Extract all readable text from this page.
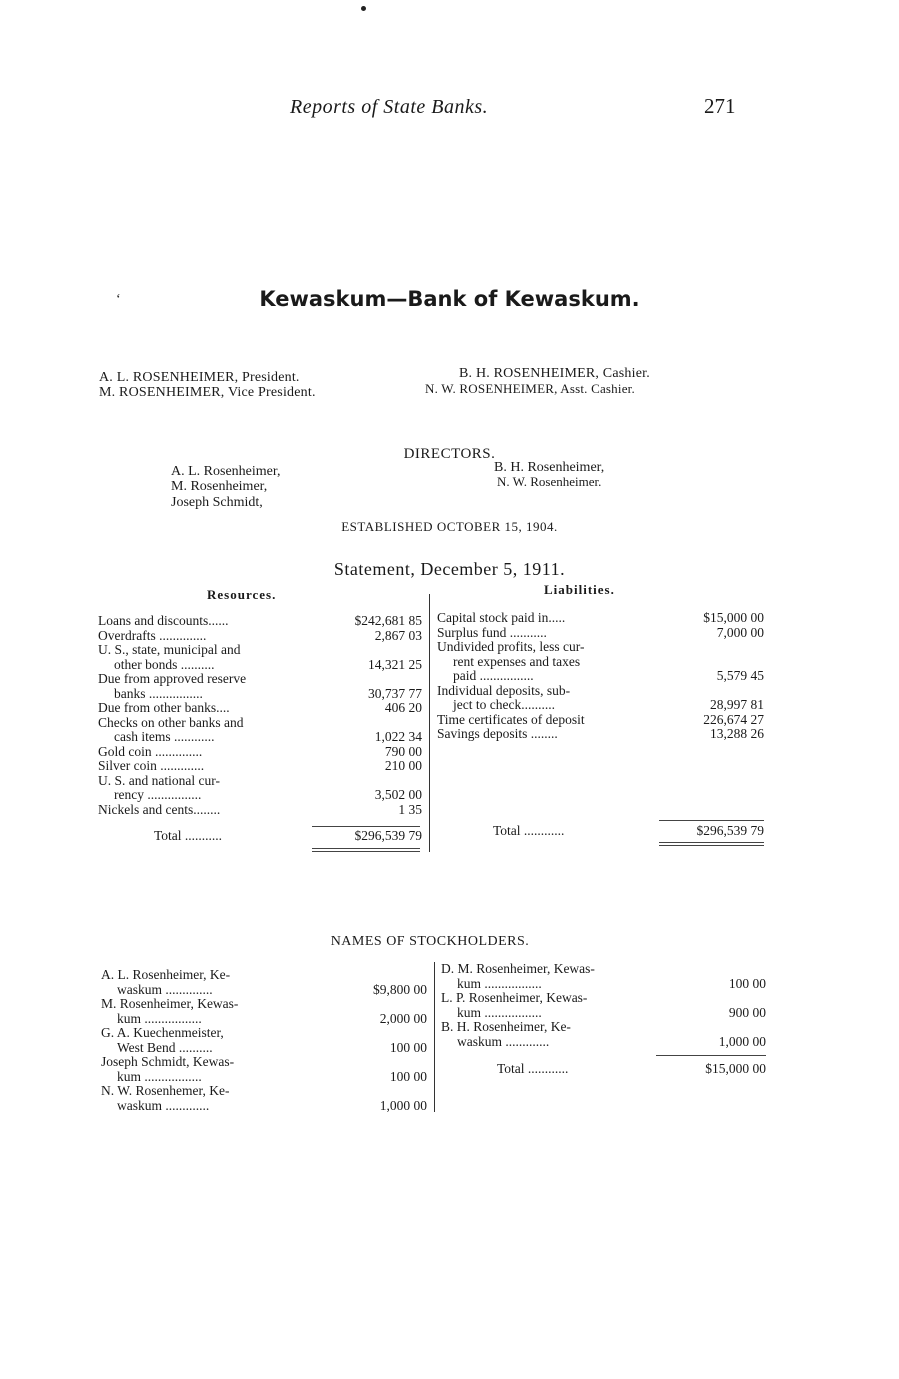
Reports of State Banks.	271
‘	Kewaskum—Bank of Kewaskum.
A. L. ROSENHEIMER, President.
M. ROSENHEIMER, Vice President.
B. H. ROSENHEIMER, Cashier.
N. W. ROSENHEIMER, Asst. Cashier.
DIRECTORS.
A. L. Rosenheimer,
M. Rosenheimer,
Joseph Schmidt,
B. H. Rosenheimer,
N. W. Rosenheimer.
ESTABLISHED OCTOBER 15, 1904.
Statement, December 5, 1911.
Resources.	Liabilities.
Loans and discounts......	$242,681 85
Overdrafts ..............	2,867 03
U. S., state, municipal and
other bonds ..........	14,321 25
Due from approved reserve
banks ................	30,737 77
Due from other banks....	406 20
Checks on other banks and
cash items ............	1,022 34
Gold coin ..............	790 00
Silver coin .............	210 00
U. S. and national cur-
rency ................	3,502 00
Nickels and cents........	1 35
Total ...........	$296,539 79
Capital stock paid in.....	$15,000 00
Surplus fund ...........	7,000 00
Undivided profits, less cur-
rent expenses and taxes
paid ................	5,579 45
Individual deposits, sub-
ject to check..........	28,997 81
Time certificates of deposit	226,674 27
Savings deposits ........	13,288 26
Total ............	$296,539 79
NAMES OF STOCKHOLDERS.
A. L. Rosenheimer, Ke-
waskum ..............	$9,800 00
M. Rosenheimer, Kewas-
kum .................	2,000 00
G. A. Kuechenmeister,
West Bend ..........	100 00
Joseph Schmidt, Kewas-
kum .................	100 00
N. W. Rosenhemer, Ke-
waskum .............	1,000 00
D. M. Rosenheimer, Kewas-
kum .................	100 00
L. P. Rosenheimer, Kewas-
kum .................	900 00
B. H. Rosenheimer, Ke-
waskum .............	1,000 00
Total ............	$15,000 00
